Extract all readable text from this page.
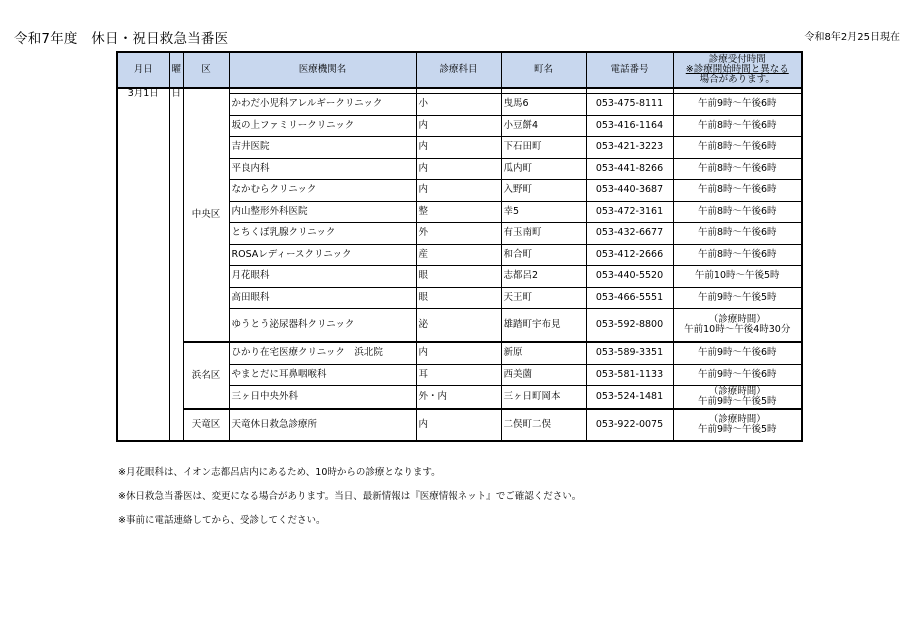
令和7年度　休日・祝日救急当番医	令和8年2月25日現在
月日	曜	区	医療機関名	診療科目	町名	電話番号	診療受付時間
※診療開始時間と異なる
場合があります。

3月1日	日	中央区					
			かわだ小児科アレルギークリニック	小	曳馬6	053-475-8111	午前9時～午後6時
			坂の上ファミリークリニック	内	小豆餅4	053-416-1164	午前8時～午後6時
			吉井医院	内	下石田町	053-421-3223	午前8時～午後6時
			平良内科	内	瓜内町	053-441-8266	午前8時～午後6時
			なかむらクリニック	内	入野町	053-440-3687	午前8時～午後6時
			内山整形外科医院	整	幸5	053-472-3161	午前8時～午後6時
			とちくぼ乳腺クリニック	外	有玉南町	053-432-6677	午前8時～午後6時
			ROSAレディースクリニック	産	和合町	053-412-2666	午前8時～午後6時
			月花眼科	眼	志都呂2	053-440-5520	午前10時～午後5時
			高田眼科	眼	天王町	053-466-5551	午前9時～午後5時
			ゆうとう泌尿器科クリニック	泌	雄踏町宇布見	053-592-8800	（診療時間）
午前10時～午後4時30分

		浜名区	ひかり在宅医療クリニック　浜北院	内	新原	053-589-3351	午前9時～午後6時
			やまとだに耳鼻咽喉科	耳	西美薗	053-581-1133	午前9時～午後6時
			三ヶ日中央外科	外・内	三ヶ日町岡本	053-524-1481	（診療時間）
午前9時～午後5時

		天竜区	天竜休日救急診療所	内	二俣町二俣	053-922-0075	（診療時間）
午前9時～午後5時
※月花眼科は、イオン志都呂店内にあるため、10時からの診療となります。
※休日救急当番医は、変更になる場合があります。当日、最新情報は『医療情報ネット』でご確認ください。
※事前に電話連絡してから、受診してください。
